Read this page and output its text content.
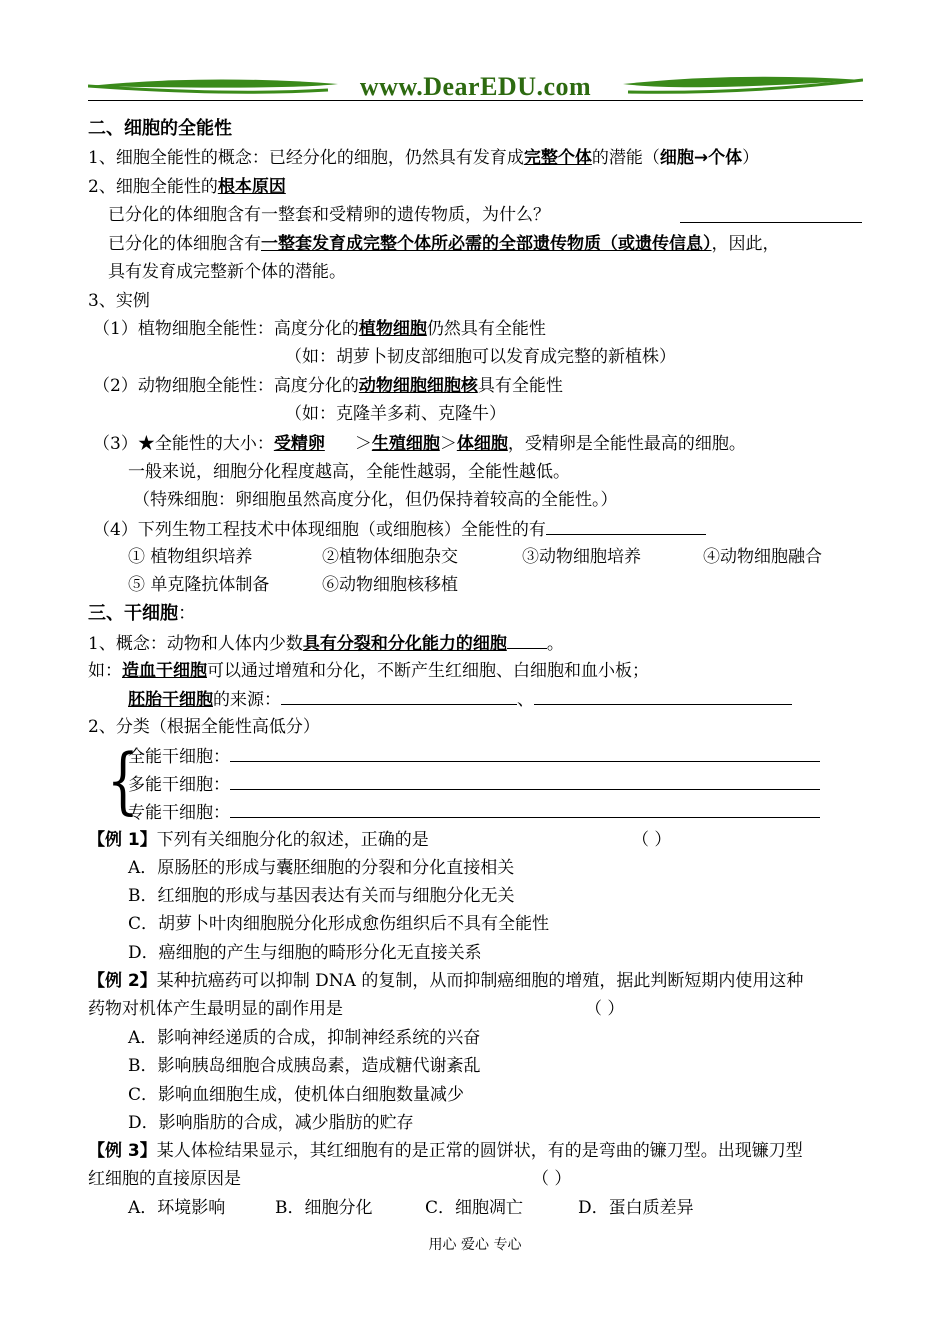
www.DearEDU.com
二、细胞的全能性
1、细胞全能性的概念：已经分化的细胞，仍然具有发育成完整个体的潜能（细胞→个体）
2、细胞全能性的根本原因
已分化的体细胞含有一整套和受精卵的遗传物质，为什么？
已分化的体细胞含有一整套发育成完整个体所必需的全部遗传物质（或遗传信息），因此，
具有发育成完整新个体的潜能。
3、实例
（1）植物细胞全能性：高度分化的植物细胞仍然具有全能性
（如：胡萝卜韧皮部细胞可以发育成完整的新植株）
（2）动物细胞全能性：高度分化的动物细胞细胞核具有全能性
（如：克隆羊多莉、克隆牛）
（3）★全能性的大小：受精卵 ＞生殖细胞＞体细胞，受精卵是全能性最高的细胞。
一般来说，细胞分化程度越高，全能性越弱，全能性越低。
（特殊细胞：卵细胞虽然高度分化，但仍保持着较高的全能性。）
（4）下列生物工程技术中体现细胞（或细胞核）全能性的有
① 植物组织培养	②植物体细胞杂交	③动物细胞培养	④动物细胞融合
⑤ 单克隆抗体制备	⑥动物细胞核移植
三、干细胞：
1、概念：动物和人体内少数具有分裂和分化能力的细胞 。
如：造血干细胞可以通过增殖和分化，不断产生红细胞、白细胞和血小板；
胚胎干细胞的来源：	、
2、分类（根据全能性高低分）
{
全能干细胞：
多能干细胞：
专能干细胞：
【例 1】下列有关细胞分化的叙述，正确的是	（ ）
A．原肠胚的形成与囊胚细胞的分裂和分化直接相关
B．红细胞的形成与基因表达有关而与细胞分化无关
C．胡萝卜叶肉细胞脱分化形成愈伤组织后不具有全能性
D．癌细胞的产生与细胞的畸形分化无直接关系
【例 2】某种抗癌药可以抑制 DNA 的复制，从而抑制癌细胞的增殖，据此判断短期内使用这种
药物对机体产生最明显的副作用是	（ ）
A．影响神经递质的合成，抑制神经系统的兴奋
B．影响胰岛细胞合成胰岛素，造成糖代谢紊乱
C．影响血细胞生成，使机体白细胞数量减少
D．影响脂肪的合成，减少脂肪的贮存
【例 3】某人体检结果显示，其红细胞有的是正常的圆饼状，有的是弯曲的镰刀型。出现镰刀型
红细胞的直接原因是	（ ）
A．环境影响	B．细胞分化	C．细胞凋亡	D．蛋白质差异
用心 爱心 专心
